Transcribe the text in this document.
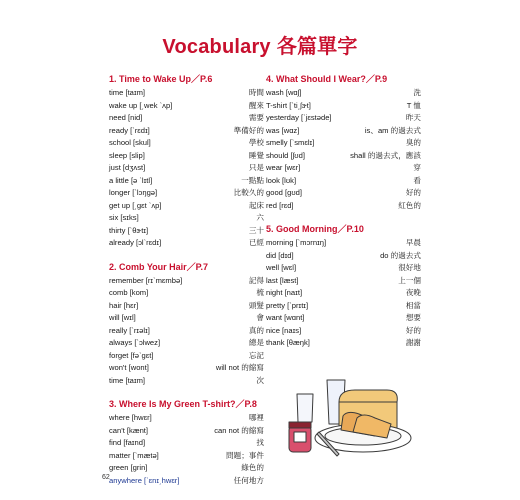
Vocabulary 各篇單字
1. Time to Wake Up／P.6
time [taɪm]	時間
wake up [͵wek ˋʌp]	醒來
need [nid]	需要
ready [ˋrɛdɪ]	準備好的
school [skul]	學校
sleep [slip]	睡覺
just [dʒʌst]	只是
a little [ə ˋlɪtl]	一點點
longer [ˋlɔŋgə]	比較久的
get up [͵gɛt ˋʌp]	起床
six [sɪks]	六
thirty [ˋθɝtɪ]	三十
already [ɔlˋrɛdɪ]	已經
2. Comb Your Hair／P.7
remember [rɪˋmɛmbə]	記得
comb [kom]	梳
hair [hɛr]	頭髮
will [wɪl]	會
really [ˋrɪəlɪ]	真的
always [ˋɔlwez]	總是
forget [fəˋgɛt]	忘記
won't [wont]	will not 的縮寫
time [taɪm]	次
3. Where Is My Green T-shirt?／P.8
where [hwɛr]	哪裡
can't [kænt]	can not 的縮寫
find [faɪnd]	找
matter [ˋmætə]	問題；事件
green [grin]	綠色的
anywhere [ˋɛnɪ͵hwɛr]	任何地方
4. What Should I Wear?／P.9
wash [wɑʃ]	洗
T-shirt [ˋti͵ʃɝt]	T 恤
yesterday [ˋjɛstəde]	昨天
was [wɑz]	is、am 的過去式
smelly [ˋsmɛlɪ]	臭的
should [ʃʊd]	shall 的過去式，應該
wear [wɛr]	穿
look [lʊk]	看
good [gʊd]	好的
red [rɛd]	紅色的
5. Good Morning／P.10
morning [ˋmɔrnɪŋ]	早晨
did [dɪd]	do 的過去式
well [wɛl]	很好地
last [læst]	上一個
night [naɪt]	夜晚
pretty [ˋprɪtɪ]	相當
want [wɑnt]	想要
nice [naɪs]	好的
thank [θæŋk]	謝謝
62
